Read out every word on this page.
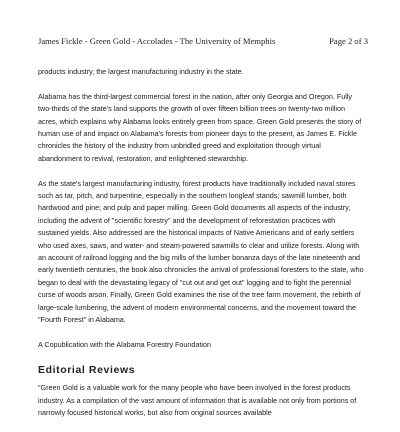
James Fickle - Green Gold - Accolades - The University of Memphis	Page 2 of 3

products industry, the largest manufacturing industry in the state.

Alabama has the third-largest commercial forest in the nation, after only Georgia and Oregon. Fully two-thirds of the state's land supports the growth of over fifteen billion trees on twenty-two million acres, which explains why Alabama looks entirely green from space. Green Gold presents the story of human use of and impact on Alabama's forests from pioneer days to the present, as James E. Fickle chronicles the history of the industry from unbridled greed and exploitation through virtual abandonment to revival, restoration, and enlightened stewardship.

As the state's largest manufacturing industry, forest products have traditionally included naval stores such as tar, pitch, and turpentine, especially in the southern longleaf stands; sawmill lumber, both hardwood and pine; and pulp and paper milling. Green Gold documents all aspects of the industry, including the advent of "scientific forestry" and the development of reforestation practices with sustained yields. Also addressed are the historical impacts of Native Americans and of early settlers who used axes, saws, and water- and steam-powered sawmills to clear and utilize forests. Along with an account of railroad logging and the big mills of the lumber bonanza days of the late nineteenth and early twentieth centuries, the book also chronicles the arrival of professional foresters to the state, who began to deal with the devastating legacy of "cut out and get out" logging and to fight the perennial curse of woods arson. Finally, Green Gold examines the rise of the tree farm movement, the rebirth of large-scale lumbering, the advent of modern environmental concerns, and the movement toward the "Fourth Forest" in Alabama.

A Copublication with the Alabama Forestry Foundation

Editorial Reviews

"Green Gold is a valuable work for the many people who have been involved in the forest products industry. As a compilation of the vast amount of information that is available not only from portions of narrowly focused historical works, but also from original sources available
